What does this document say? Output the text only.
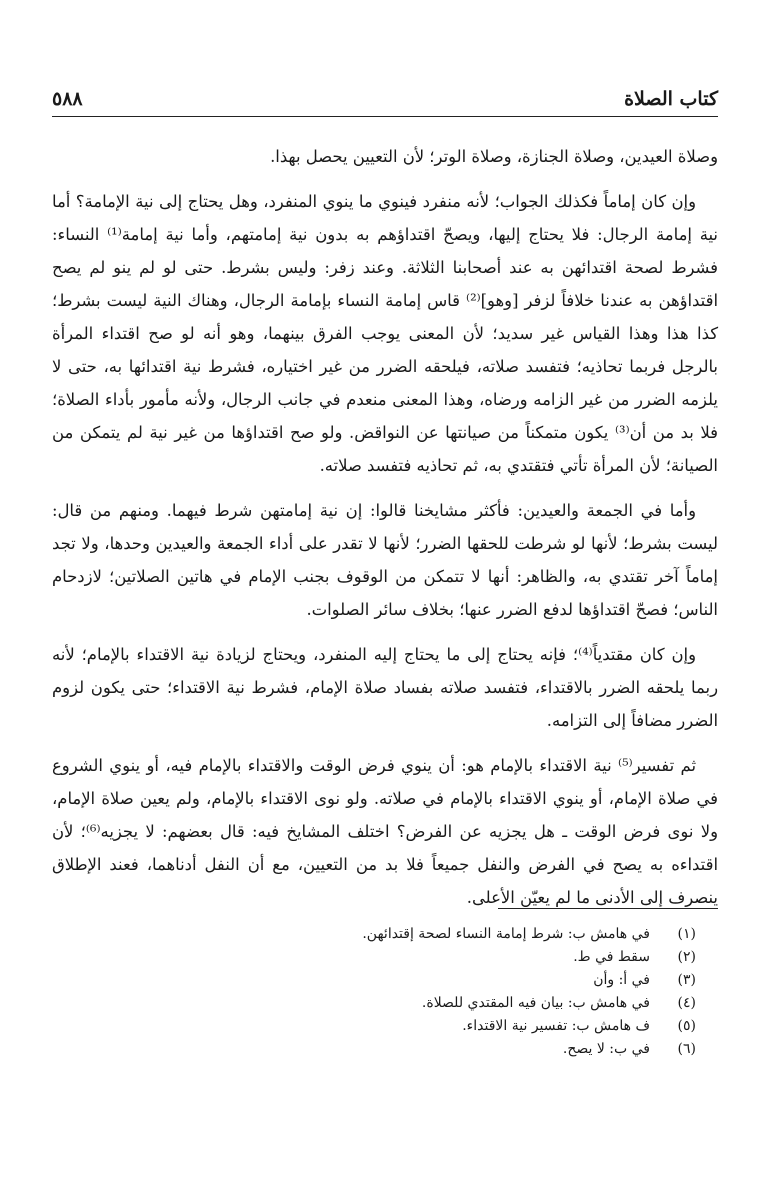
كتاب الصلاة
٥٨٨

وصلاة العيدين، وصلاة الجنازة، وصلاة الوتر؛ لأن التعيين يحصل بهذا.

وإن كان إماماً فكذلك الجواب؛ لأنه منفرد فينوي ما ينوي المنفرد، وهل يحتاج إلى نية الإمامة؟ أما نية إمامة الرجال: فلا يحتاج إليها، ويصحّ اقتداؤهم به بدون نية إمامتهم، وأما نية إمامة⁽¹⁾ النساء: فشرط لصحة اقتدائهن به عند أصحابنا الثلاثة. وعند زفر: وليس بشرط. حتى لو لم ينو لم يصح اقتداؤهن به عندنا خلافاً لزفر [وهو]⁽²⁾ قاس إمامة النساء بإمامة الرجال، وهناك النية ليست بشرط؛ كذا هذا وهذا القياس غير سديد؛ لأن المعنى يوجب الفرق بينهما، وهو أنه لو صح اقتداء المرأة بالرجل فربما تحاذيه؛ فتفسد صلاته، فيلحقه الضرر من غير اختياره، فشرط نية اقتدائها به، حتى لا يلزمه الضرر من غير الزامه ورضاه، وهذا المعنى منعدم في جانب الرجال، ولأنه مأمور بأداء الصلاة؛ فلا بد من أن⁽³⁾ يكون متمكناً من صيانتها عن النواقض. ولو صح اقتداؤها من غير نية لم يتمكن من الصيانة؛ لأن المرأة تأتي فتقتدي به، ثم تحاذيه فتفسد صلاته.

وأما في الجمعة والعيدين: فأكثر مشايخنا قالوا: إن نية إمامتهن شرط فيهما. ومنهم من قال: ليست بشرط؛ لأنها لو شرطت للحقها الضرر؛ لأنها لا تقدر على أداء الجمعة والعيدين وحدها، ولا تجد إماماً آخر تقتدي به، والظاهر: أنها لا تتمكن من الوقوف بجنب الإمام في هاتين الصلاتين؛ لازدحام الناس؛ فصحّ اقتداؤها لدفع الضرر عنها؛ بخلاف سائر الصلوات.

وإن كان مقتدياً⁽⁴⁾؛ فإنه يحتاج إلى ما يحتاج إليه المنفرد، ويحتاج لزيادة نية الاقتداء بالإمام؛ لأنه ربما يلحقه الضرر بالاقتداء، فتفسد صلاته بفساد صلاة الإمام، فشرط نية الاقتداء؛ حتى يكون لزوم الضرر مضافاً إلى التزامه.

ثم تفسير⁽⁵⁾ نية الاقتداء بالإمام هو: أن ينوي فرض الوقت والاقتداء بالإمام فيه، أو ينوي الشروع في صلاة الإمام، أو ينوي الاقتداء بالإمام في صلاته. ولو نوى الاقتداء بالإمام، ولم يعين صلاة الإمام، ولا نوى فرض الوقت ـ هل يجزيه عن الفرض؟ اختلف المشايخ فيه: قال بعضهم: لا يجزيه⁽⁶⁾؛ لأن اقتداءه به يصح في الفرض والنفل جميعاً فلا بد من التعيين، مع أن النفل أدناهما، فعند الإطلاق ينصرف إلى الأدنى ما لم يعيّن الأعلى.

(١)
في هامش ب: شرط إمامة النساء لصحة إقتدائهن.
(٢)
سقط في ط.
(٣)
في أ: وأن
(٤)
في هامش ب: بيان فيه المقتدي للصلاة.
(٥)
ف هامش ب: تفسير نية الاقتداء.
(٦)
في ب: لا يصح.
